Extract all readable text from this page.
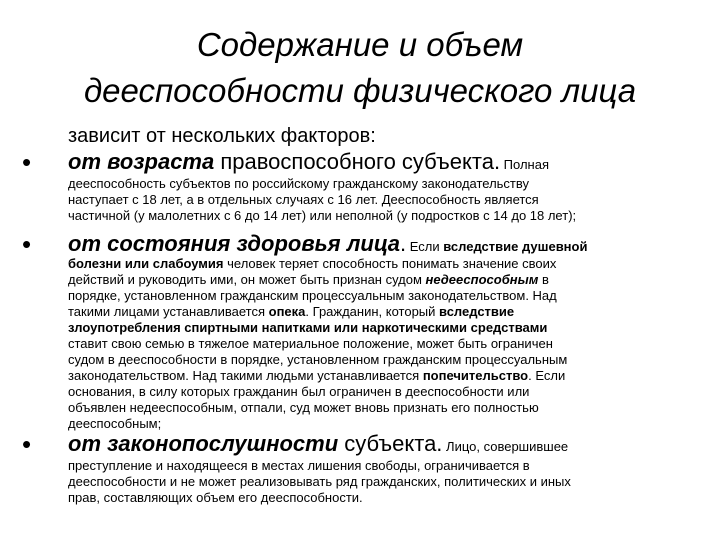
Содержание и объем
дееспособности физического лица
зависит от нескольких факторов:
• от возраста правоспособного субъекта. Полная
дееспособность субъектов по российскому гражданскому законодательству
наступает с 18 лет, а в отдельных случаях с 16 лет. Дееспособность является
частичной (у малолетних с 6 до 14 лет) или неполной (у подростков с 14 до 18 лет);
• от состояния здоровья лица. Если вследствие душевной
болезни или слабоумия человек теряет способность понимать значение своих
действий и руководить ими, он может быть признан судом недееспособным в
порядке, установленном гражданским процессуальным законодательством. Над
такими лицами устанавливается опека. Гражданин, который вследствие
злоупотребления спиртными напитками или наркотическими средствами
ставит свою семью в тяжелое материальное положение, может быть ограничен
судом в дееспособности в порядке, установленном гражданским процессуальным
законодательством. Над такими людьми устанавливается попечительство. Если
основания, в силу которых гражданин был ограничен в дееспособности или
объявлен недееспособным, отпали, суд может вновь признать его полностью
дееспособным;
• от законопослушности субъекта. Лицо, совершившее
преступление и находящееся в местах лишения свободы, ограничивается в
дееспособности и не может реализовывать ряд гражданских, политических и иных
прав, составляющих объем его дееспособности.
